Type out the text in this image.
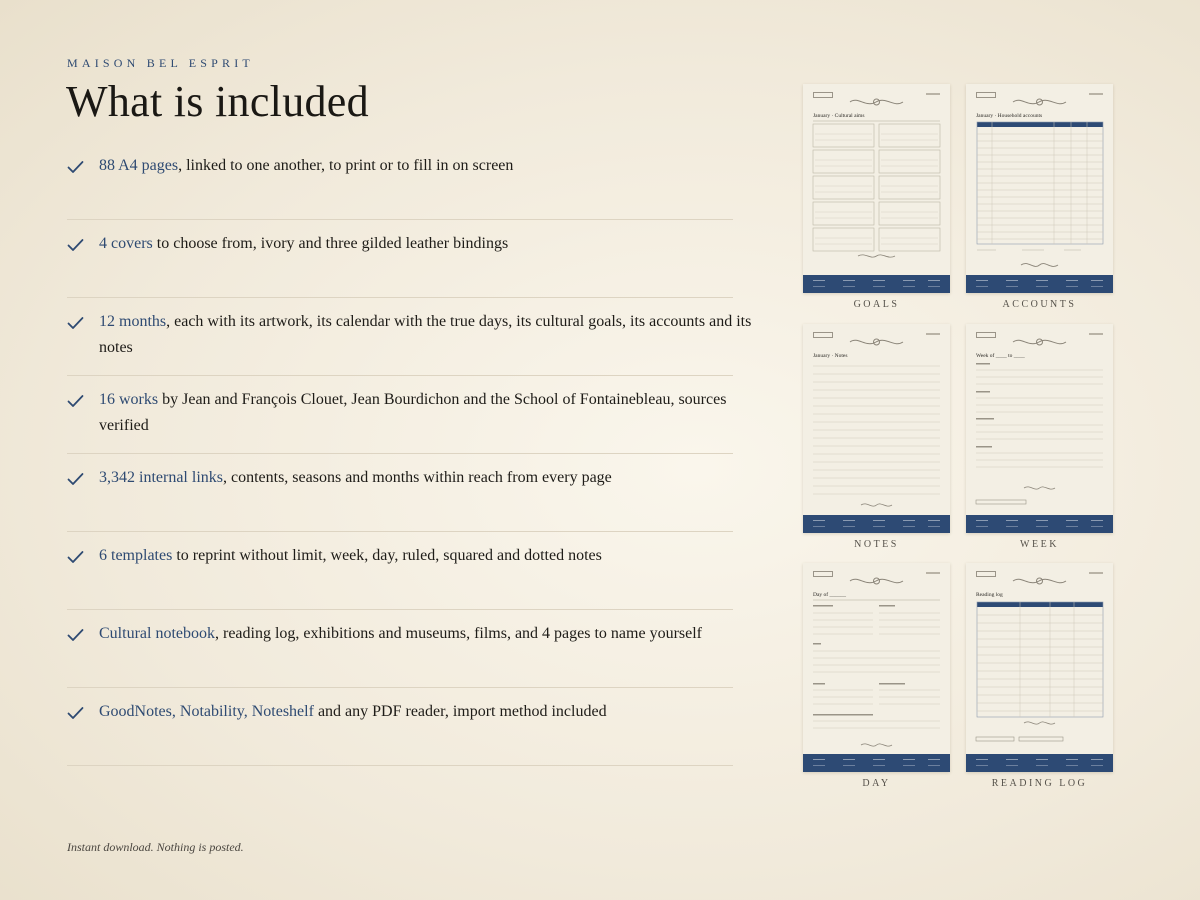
MAISON BEL ESPRIT
What is included
88 A4 pages, linked to one another, to print or to fill in on screen
4 covers to choose from, ivory and three gilded leather bindings
12 months, each with its artwork, its calendar with the true days, its cultural goals, its accounts and its notes
16 works by Jean and François Clouet, Jean Bourdichon and the School of Fontainebleau, sources verified
3,342 internal links, contents, seasons and months within reach from every page
6 templates to reprint without limit, week, day, ruled, squared and dotted notes
Cultural notebook, reading log, exhibitions and museums, films, and 4 pages to name yourself
GoodNotes, Notability, Noteshelf and any PDF reader, import method included
January · Cultural aims
GOALS
January · Household accounts
ACCOUNTS
January · Notes
NOTES
Week of ____ to ____
WEEK
Day of ______
DAY
Reading log
READING LOG
Instant download. Nothing is posted.
